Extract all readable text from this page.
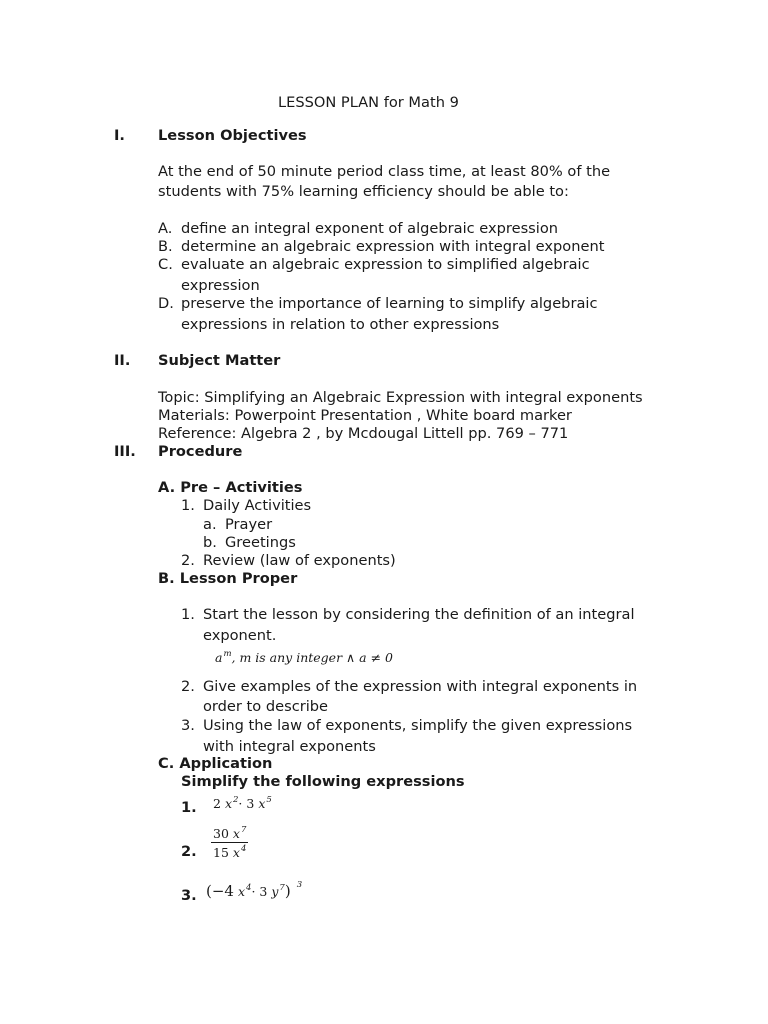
LESSON PLAN for Math 9
I. Lesson Objectives
At the end of 50 minute period class time, at least 80% of the
students with 75% learning efficiency should be able to:
A. define an integral exponent of algebraic expression
B. determine an algebraic expression with integral exponent
C. evaluate an algebraic expression to simplified algebraic
expression
D. preserve the importance of learning to simplify algebraic
expressions in relation to other expressions
II. Subject Matter
Topic: Simplifying an Algebraic Expression with integral exponents
Materials: Powerpoint Presentation , White board marker
Reference: Algebra 2 , by Mcdougal Littell pp. 769 – 771
III. Procedure
A. Pre – Activities
1. Daily Activities
a. Prayer
b. Greetings
2. Review (law of exponents)
B. Lesson Proper
1. Start the lesson by considering the definition of an integral
exponent.
$a^m$, m is any integer ∧ a ≠ 0
2. Give examples of the expression with integral exponents in
order to describe
3. Using the law of exponents, simplify the given expressions
with integral exponents
C. Application
Simplify the following expressions
1. 2 $x^2\cdot 3$ $x^5$
2.
30 $x^7$
15 $x^4$
3. (−4 $x^4\cdot 3$ $y^7$) $^3$
